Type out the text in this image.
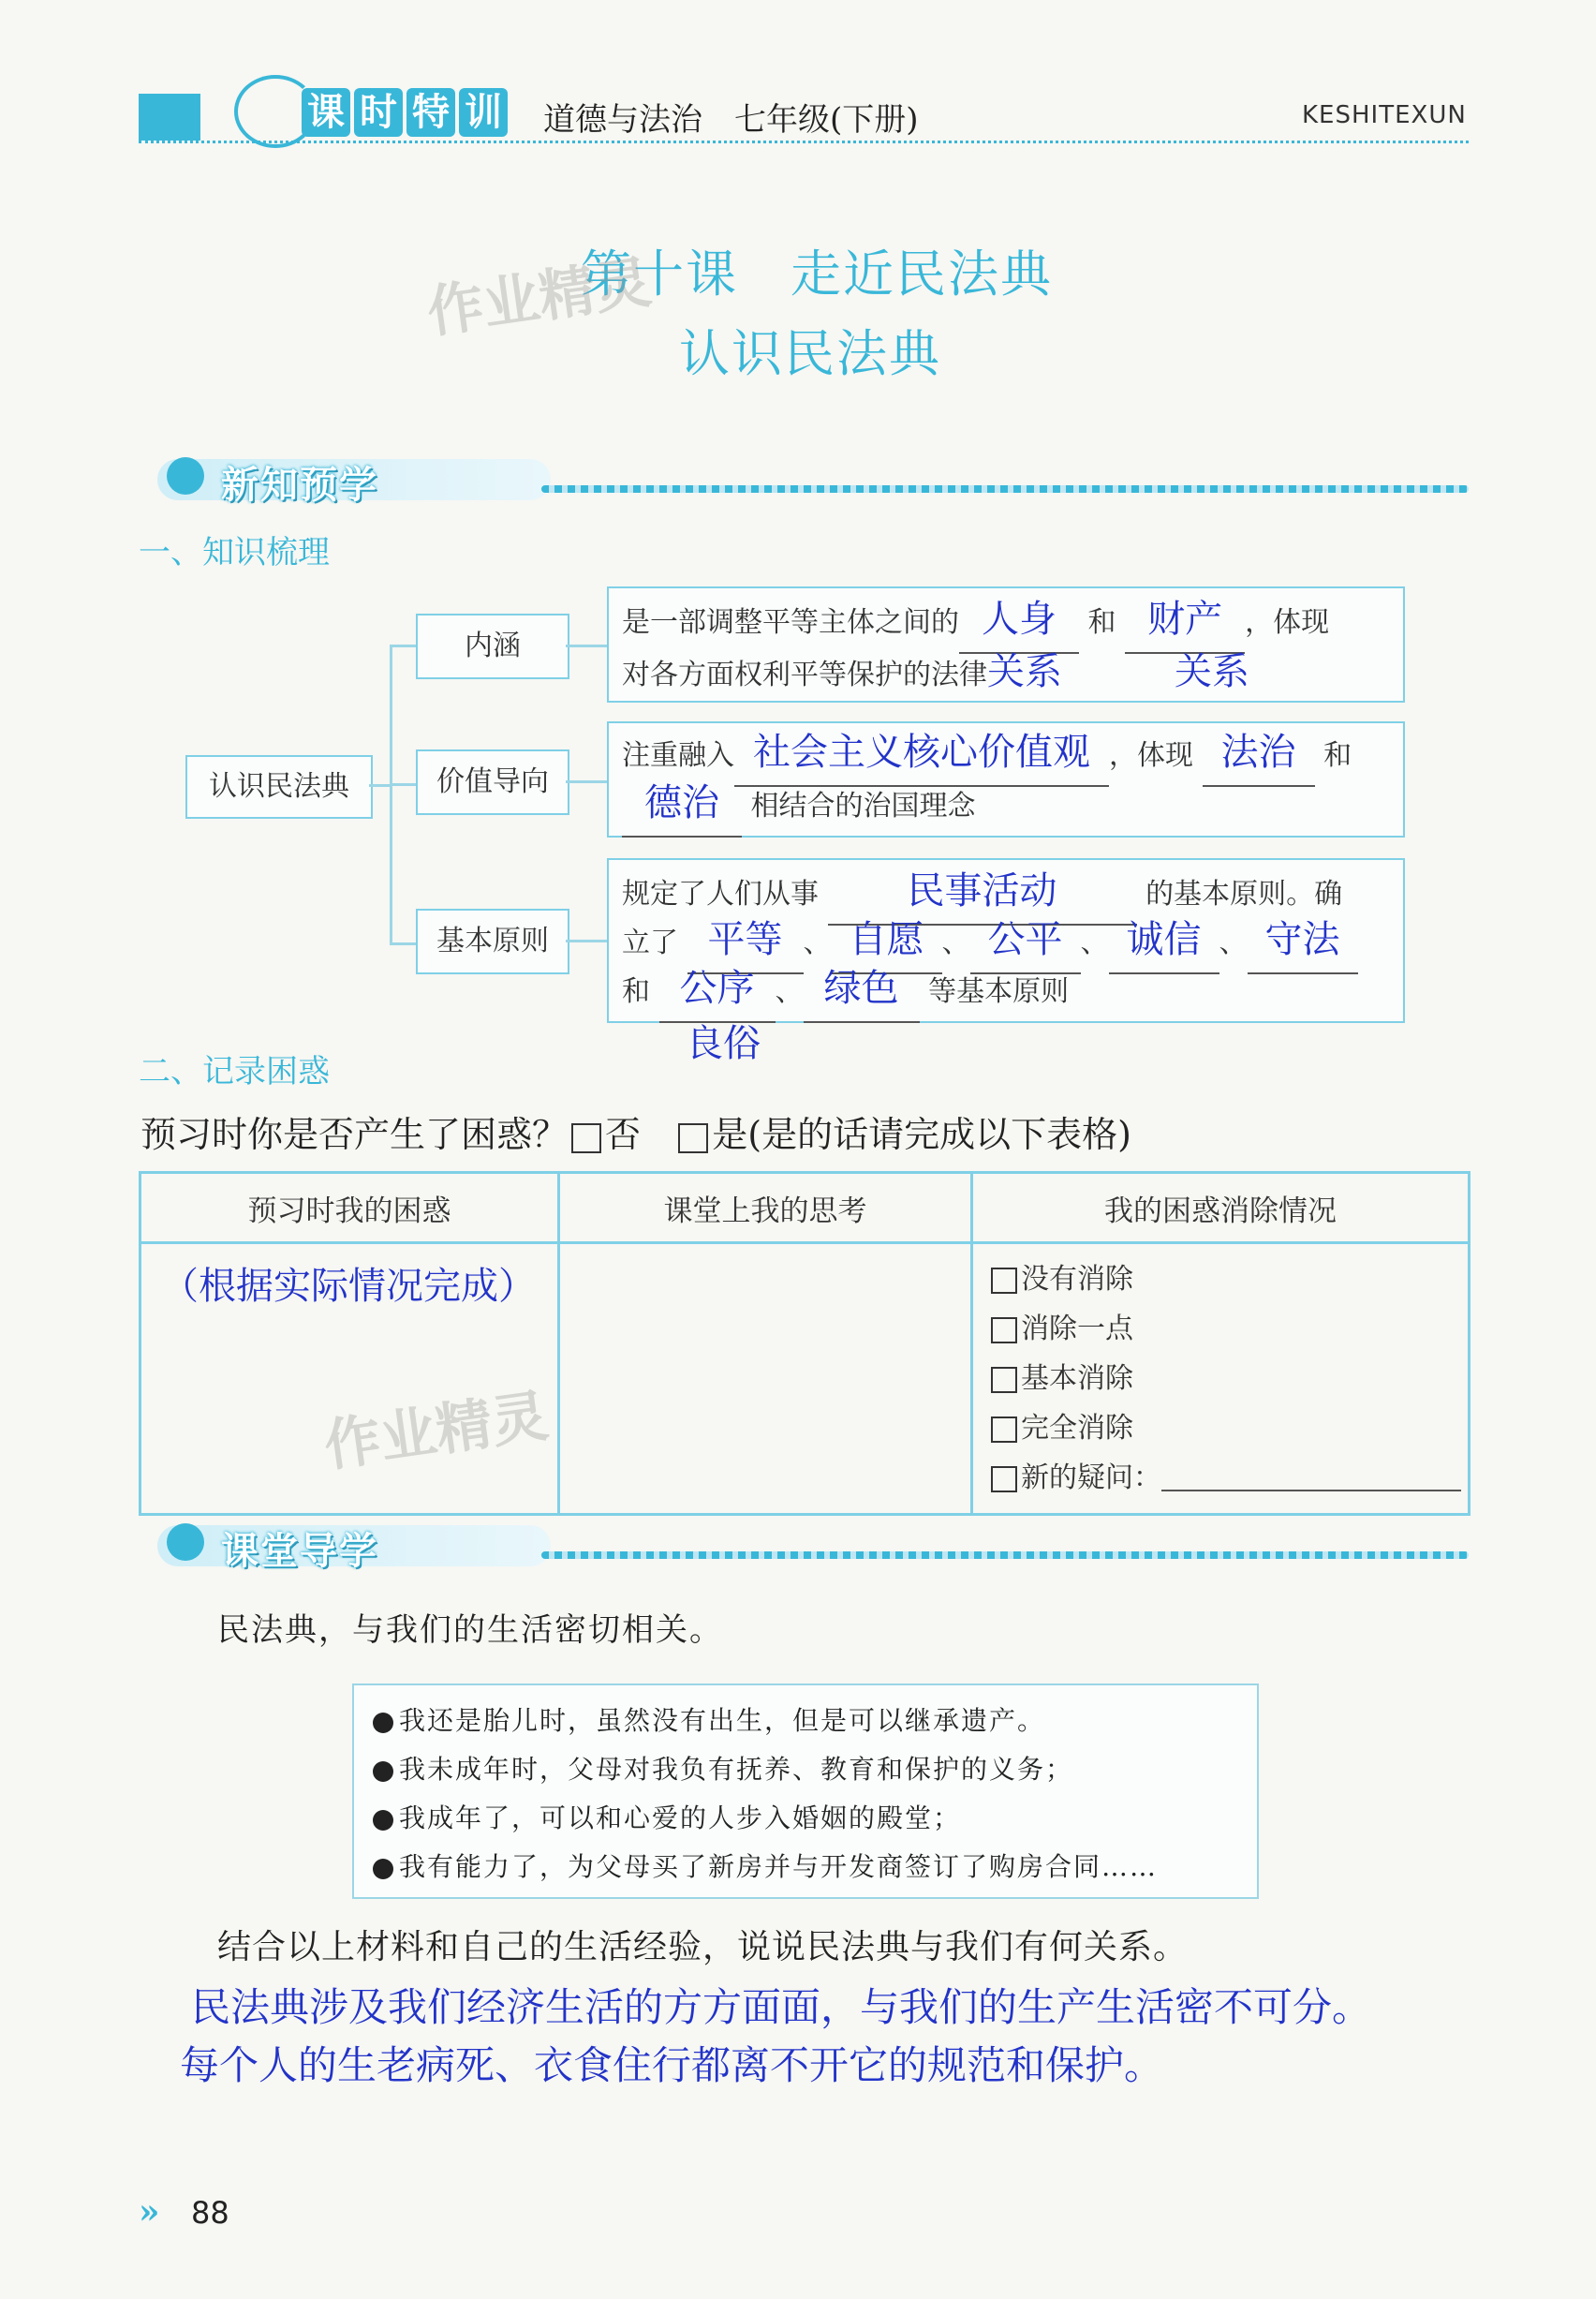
课 时 特 训 道德与法治　七年级(下册)	KESHITEXUN
第十课　走近民法典
认识民法典
作业精灵
新知预学
一、知识梳理
认识民法典
内涵
价值导向
基本原则
是一部调整平等主体之间的 人身 和 财产 ，体现
对各方面权利平等保护的法律关系	关系
注重融入 社会主义核心价值观 ，体现 法治 和
德治 相结合的治国理念
规定了人们从事 民事活动	的基本原则。确
立了 平等 、 自愿 、 公平 、 诚信 、 守法
和 公序 、 绿色 等基本原则
良俗
二、记录困惑
预习时你是否产生了困惑？ 否 是(是的话请完成以下表格)
预习时我的困惑	课堂上我的思考	我的困惑消除情况

（根据实际情况完成）		没有消除
消除一点
基本消除
完全消除
新的疑问：
作业精灵
课堂导学
民法典，与我们的生活密切相关。
我还是胎儿时，虽然没有出生，但是可以继承遗产。
我未成年时，父母对我负有抚养、教育和保护的义务；
我成年了，可以和心爱的人步入婚姻的殿堂；
我有能力了，为父母买了新房并与开发商签订了购房合同……
结合以上材料和自己的生活经验，说说民法典与我们有何关系。
民法典涉及我们经济生活的方方面面，与我们的生产生活密不可分。
每个人的生老病死、衣食住行都离不开它的规范和保护。
» 88
